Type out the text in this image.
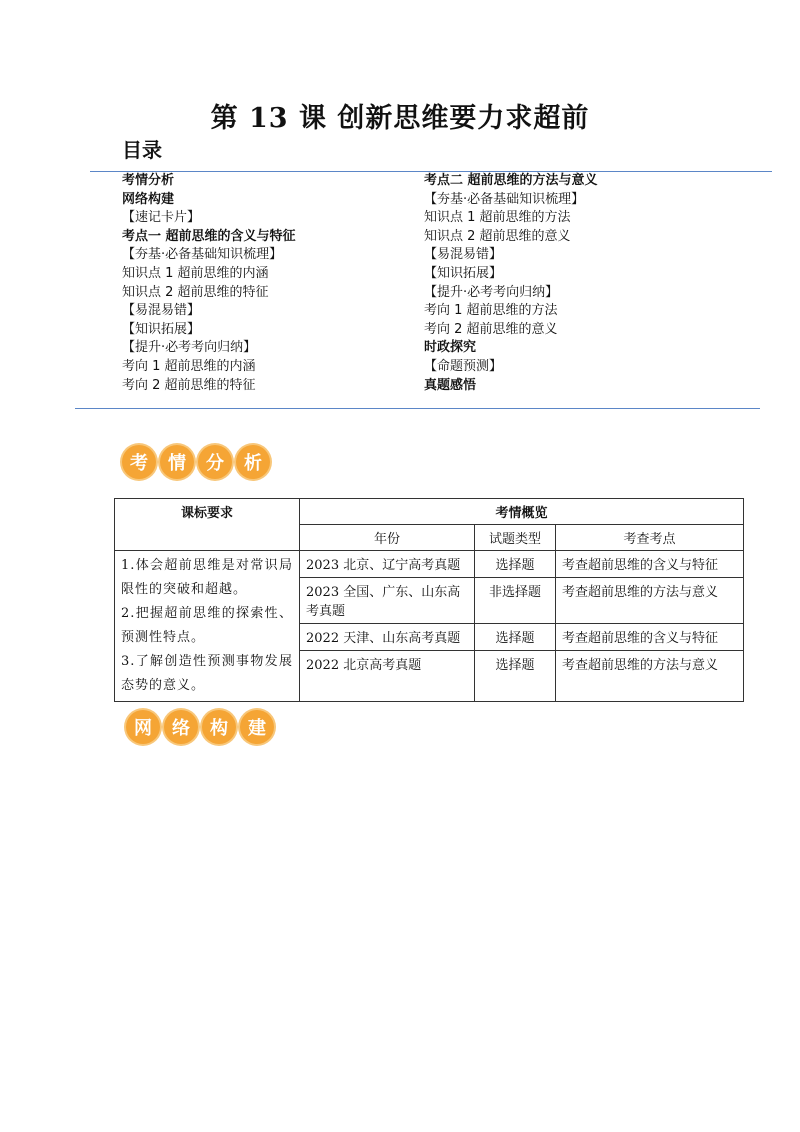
第 13 课 创新思维要力求超前
目录
考情分析
网络构建
【速记卡片】
考点一 超前思维的含义与特征
【夯基·必备基础知识梳理】
知识点 1 超前思维的内涵
知识点 2 超前思维的特征
【易混易错】
【知识拓展】
【提升·必考考向归纳】
考向 1 超前思维的内涵
考向 2 超前思维的特征
考点二 超前思维的方法与意义
【夯基·必备基础知识梳理】
知识点 1 超前思维的方法
知识点 2 超前思维的意义
【易混易错】
【知识拓展】
【提升·必考考向归纳】
考向 1 超前思维的方法
考向 2 超前思维的意义
时政探究
【命题预测】
真题感悟
考	情	分	析
课标要求	考情概览		
	年份	试题类型	考查考点

1.体会超前思维是对常识局限性的突破和超越。
2.把握超前思维的探索性、预测性特点。
3.了解创造性预测事物发展态势的意义。	2023 北京、辽宁高考真题	选择题	考查超前思维的含义与特征
	2023 全国、广东、山东高考真题	非选择题	考查超前思维的方法与意义
	2022 天津、山东高考真题	选择题	考查超前思维的含义与特征
	2022 北京高考真题	选择题	考查超前思维的方法与意义
网	络	构	建
